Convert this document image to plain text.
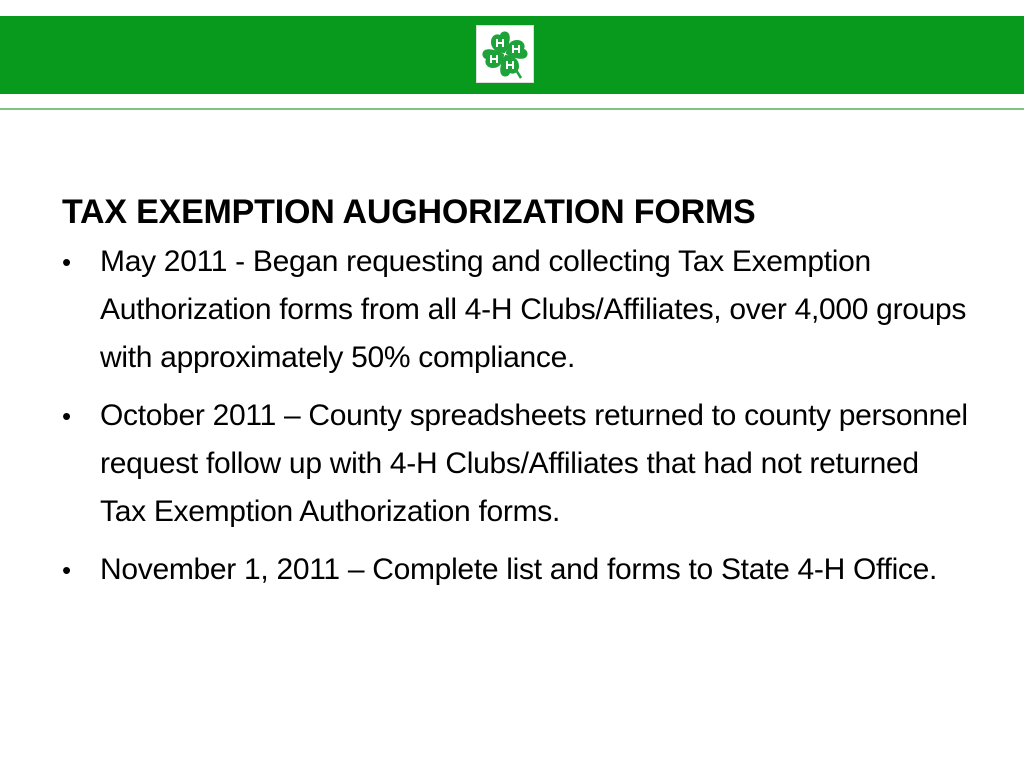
TAX EXEMPTION AUGHORIZATION FORMS
• May 2011 - Began requesting and collecting Tax Exemption Authorization forms from all 4-H Clubs/Affiliates, over 4,000 groups with approximately 50% compliance.
• October 2011 – County spreadsheets returned to county personnel request follow up with 4-H Clubs/Affiliates that had not returned Tax Exemption Authorization forms.
• November 1, 2011 – Complete list and forms to State 4-H Office.
